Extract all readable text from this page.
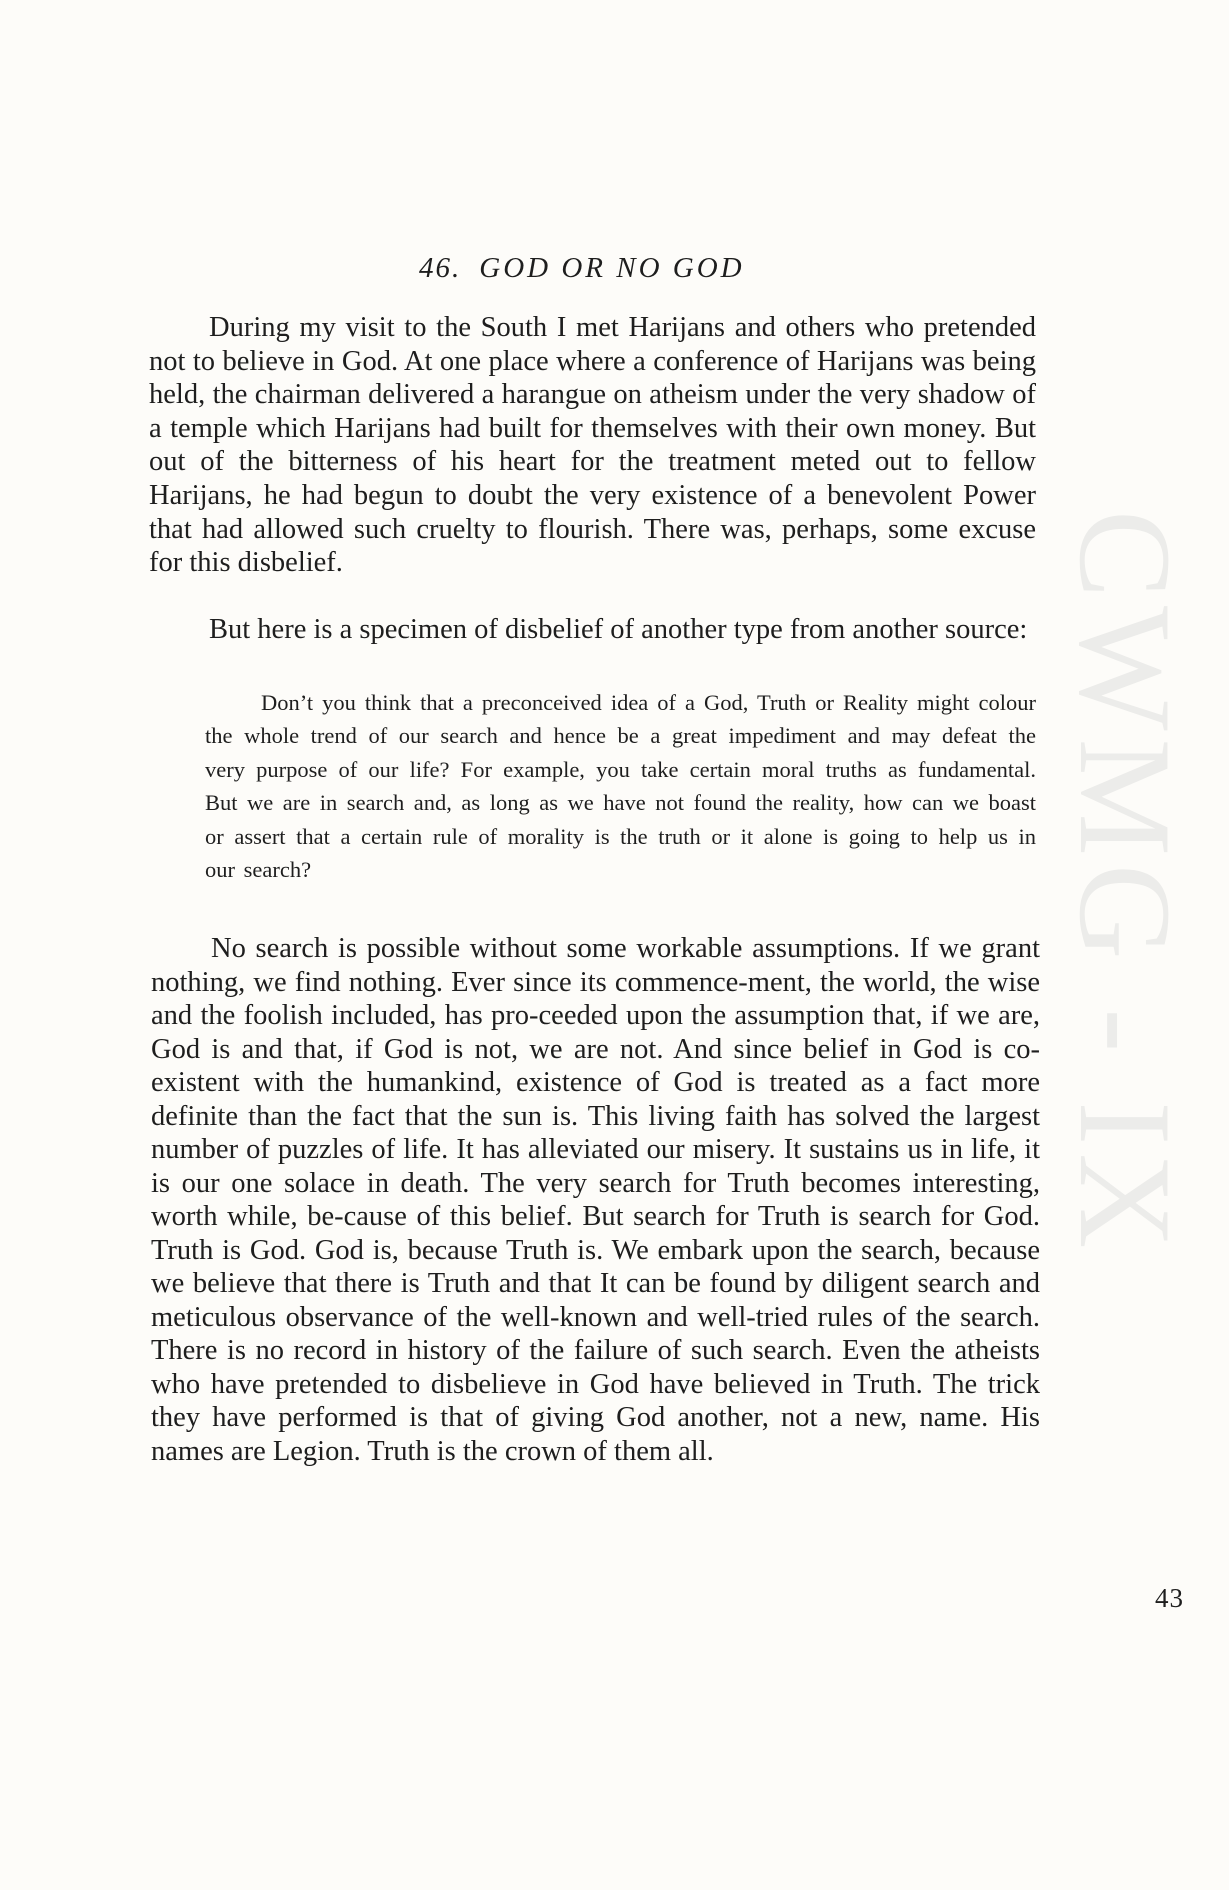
CWMG - IX
46. GOD OR NO GOD

During my visit to the South I met Harijans and others who pretended not to believe in God. At one place where a conference of Harijans was being held, the chairman delivered a harangue on atheism under the very shadow of a temple which Harijans had built for themselves with their own money. But out of the bitterness of his heart for the treatment meted out to fellow Harijans, he had begun to doubt the very existence of a benevolent Power that had allowed such cruelty to flourish. There was, perhaps, some excuse for this disbelief.

But here is a specimen of disbelief of another type from another source:

Don’t you think that a preconceived idea of a God, Truth or Reality might colour the whole trend of our search and hence be a great impediment and may defeat the very purpose of our life? For example, you take certain moral truths as fundamental. But we are in search and, as long as we have not found the reality, how can we boast or assert that a certain rule of morality is the truth or it alone is going to help us in our search?

No search is possible without some workable assumptions. If we grant nothing, we find nothing. Ever since its commence-ment, the world, the wise and the foolish included, has pro-ceeded upon the assumption that, if we are, God is and that, if God is not, we are not. And since belief in God is co-existent with the humankind, existence of God is treated as a fact more definite than the fact that the sun is. This living faith has solved the largest number of puzzles of life. It has alleviated our misery. It sustains us in life, it is our one solace in death. The very search for Truth becomes interesting, worth while, be-cause of this belief. But search for Truth is search for God. Truth is God. God is, because Truth is. We embark upon the search, because we believe that there is Truth and that It can be found by diligent search and meticulous observance of the well-known and well-tried rules of the search. There is no record in history of the failure of such search. Even the atheists who have pretended to disbelieve in God have believed in Truth. The trick they have performed is that of giving God another, not a new, name. His names are Legion. Truth is the crown of them all.

43
